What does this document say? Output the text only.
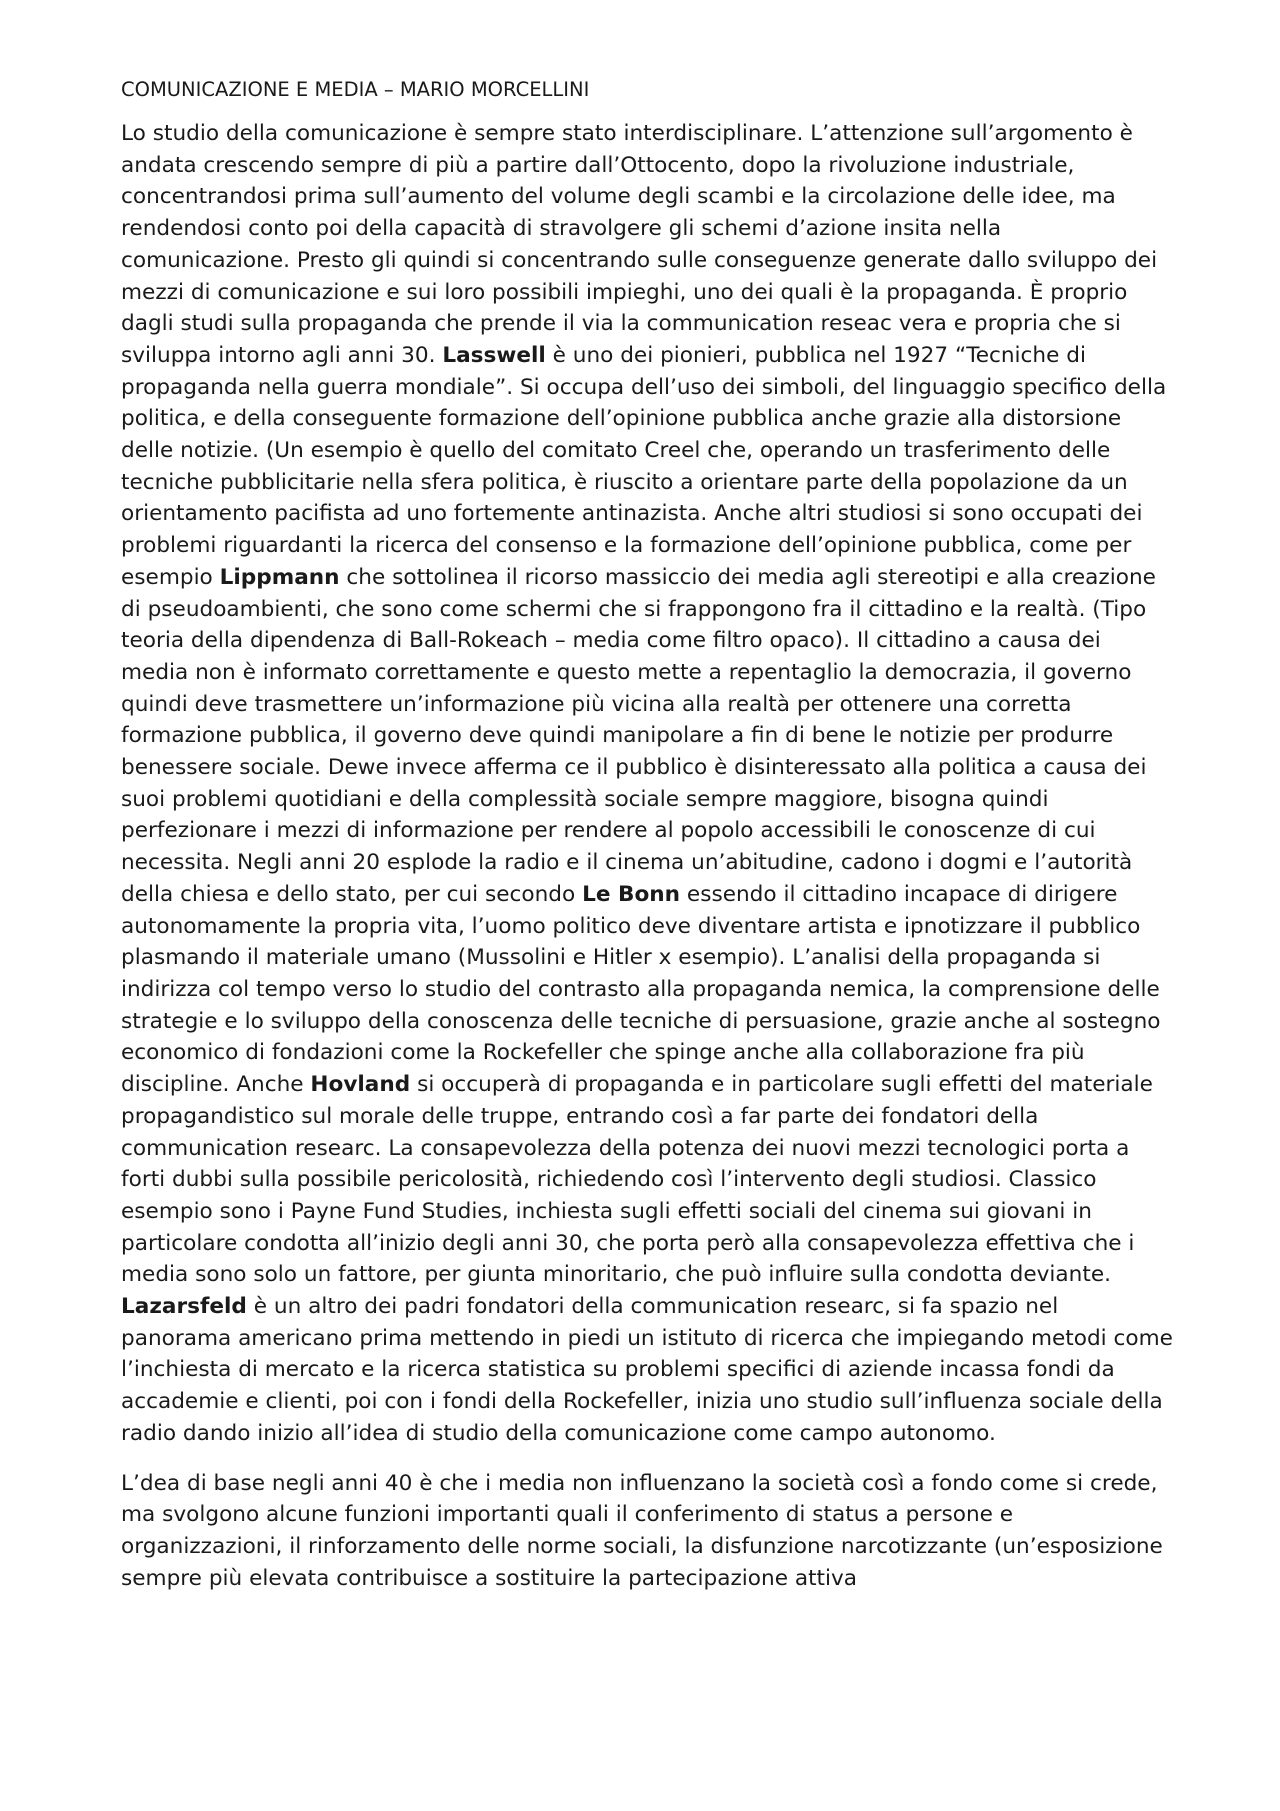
COMUNICAZIONE E MEDIA – MARIO MORCELLINI

Lo studio della comunicazione è sempre stato interdisciplinare. L’attenzione sull’argomento è andata crescendo sempre di più a partire dall’Ottocento, dopo la rivoluzione industriale, concentrandosi prima sull’aumento del volume degli scambi e la circolazione delle idee, ma rendendosi conto poi della capacità di stravolgere gli schemi d’azione insita nella comunicazione. Presto gli quindi si concentrando sulle conseguenze generate dallo sviluppo dei mezzi di comunicazione e sui loro possibili impieghi, uno dei quali è la propaganda. È proprio dagli studi sulla propaganda che prende il via la communication reseac vera e propria che si sviluppa intorno agli anni 30. Lasswell è uno dei pionieri, pubblica nel 1927 “Tecniche di propaganda nella guerra mondiale”. Si occupa dell’uso dei simboli, del linguaggio specifico della politica, e della conseguente formazione dell’opinione pubblica anche grazie alla distorsione delle notizie. (Un esempio è quello del comitato Creel che, operando un trasferimento delle tecniche pubblicitarie nella sfera politica, è riuscito a orientare parte della popolazione da un orientamento pacifista ad uno fortemente antinazista. Anche altri studiosi si sono occupati dei problemi riguardanti la ricerca del consenso e la formazione dell’opinione pubblica, come per esempio Lippmann che sottolinea il ricorso massiccio dei media agli stereotipi e alla creazione di pseudoambienti, che sono come schermi che si frappongono fra il cittadino e la realtà. (Tipo teoria della dipendenza di Ball-Rokeach – media come filtro opaco). Il cittadino a causa dei media non è informato correttamente e questo mette a repentaglio la democrazia, il governo quindi deve trasmettere un’informazione più vicina alla realtà per ottenere una corretta formazione pubblica, il governo deve quindi manipolare a fin di bene le notizie per produrre benessere sociale. Dewe invece afferma ce il pubblico è disinteressato alla politica a causa dei suoi problemi quotidiani e della complessità sociale sempre maggiore, bisogna quindi perfezionare i mezzi di informazione per rendere al popolo accessibili le conoscenze di cui necessita. Negli anni 20 esplode la radio e il cinema un’abitudine, cadono i dogmi e l’autorità della chiesa e dello stato, per cui secondo Le Bonn essendo il cittadino incapace di dirigere autonomamente la propria vita, l’uomo politico deve diventare artista e ipnotizzare il pubblico plasmando il materiale umano (Mussolini e Hitler x esempio). L’analisi della propaganda si indirizza col tempo verso lo studio del contrasto alla propaganda nemica, la comprensione delle strategie e lo sviluppo della conoscenza delle tecniche di persuasione, grazie anche al sostegno economico di fondazioni come la Rockefeller che spinge anche alla collaborazione fra più discipline. Anche Hovland si occuperà di propaganda e in particolare sugli effetti del materiale propagandistico sul morale delle truppe, entrando così a far parte dei fondatori della communication researc. La consapevolezza della potenza dei nuovi mezzi tecnologici porta a forti dubbi sulla possibile pericolosità, richiedendo così l’intervento degli studiosi. Classico esempio sono i Payne Fund Studies, inchiesta sugli effetti sociali del cinema sui giovani in particolare condotta all’inizio degli anni 30, che porta però alla consapevolezza effettiva che i media sono solo un fattore, per giunta minoritario, che può influire sulla condotta deviante. Lazarsfeld è un altro dei padri fondatori della communication researc, si fa spazio nel panorama americano prima mettendo in piedi un istituto di ricerca che impiegando metodi come l’inchiesta di mercato e la ricerca statistica su problemi specifici di aziende incassa fondi da accademie e clienti, poi con i fondi della Rockefeller, inizia uno studio sull’influenza sociale della radio dando inizio all’idea di studio della comunicazione come campo autonomo.

L’dea di base negli anni 40 è che i media non influenzano la società così a fondo come si crede, ma svolgono alcune funzioni importanti quali il conferimento di status a persone e organizzazioni, il rinforzamento delle norme sociali, la disfunzione narcotizzante (un’esposizione sempre più elevata contribuisce a sostituire la partecipazione attiva
